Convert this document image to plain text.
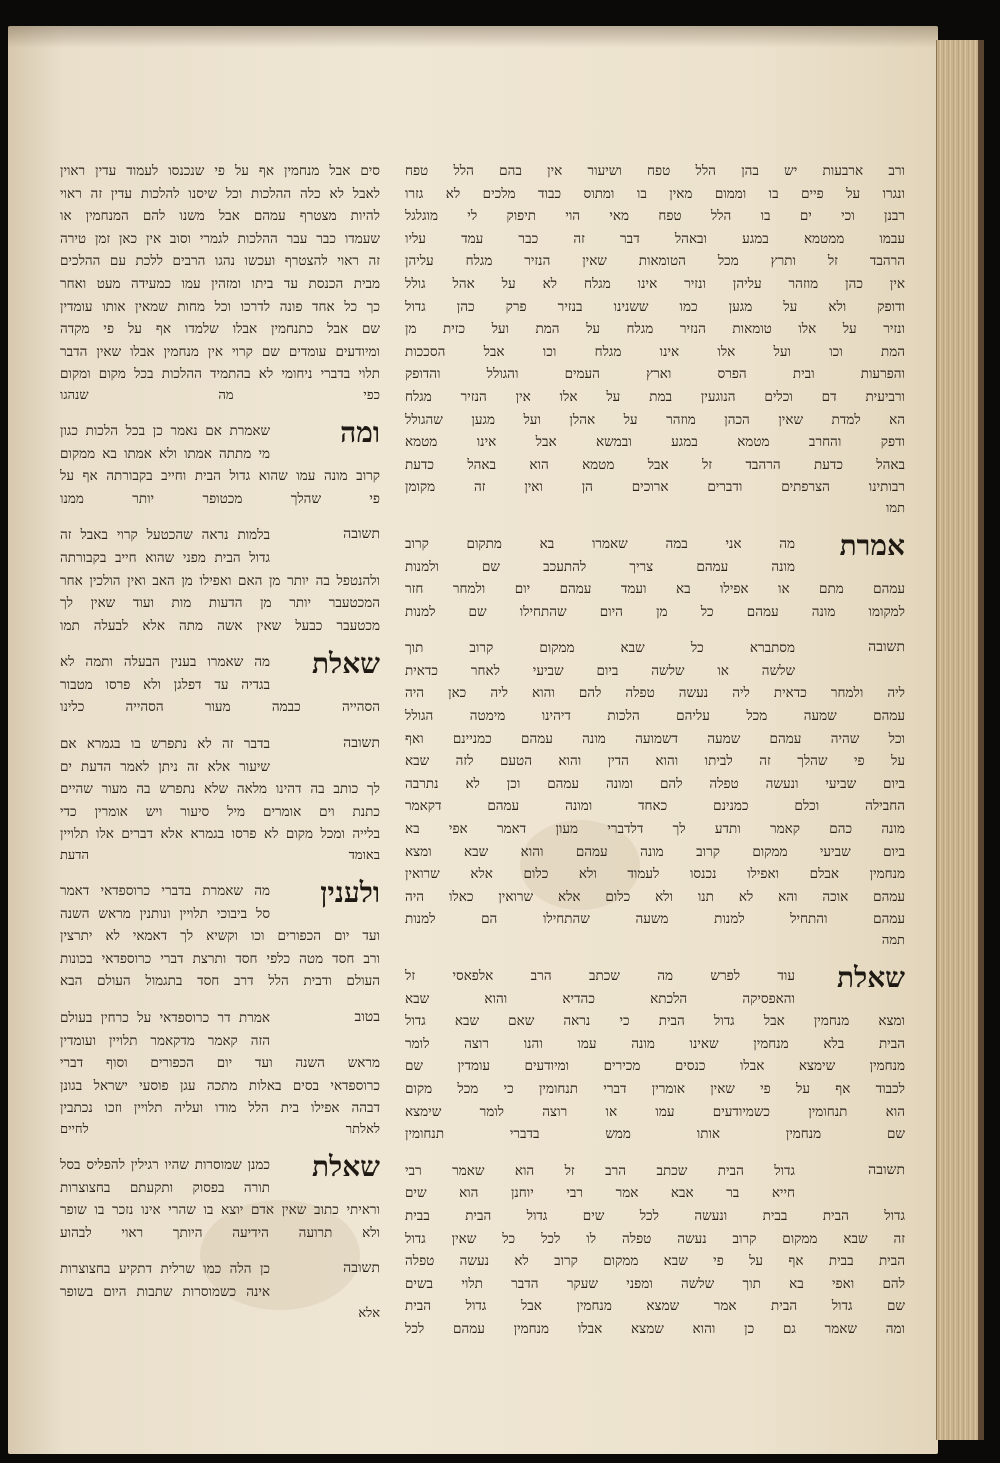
ורב ארבעות יש בהן הלל טפח ושיעור אין בהם הלל טפח
ונגרו על פיים בו וממום מאין בו ומתוס כבוד מלכים לא גזרו
רבנן וכי ים בו הלל טפח מאי הוי תיפוק לי מוגלגל
עבמו ממטמא במגע ובאהל דבר זה כבר עמד עליו
הרהבד זל ותרץ מכל הטומאות שאין הנזיר מגלח עליהן
אין כהן מוזהר עליהן ונזיר אינו מגלח לא על אהל גולל
ודופק ולא על מגען כמו ששנינו בנזיר פרק כהן גדול
ונזיר על אלו טומאות הנזיר מגלח על המת ועל כזית מן
המת וכו ועל אלו אינו מגלח וכו אבל הסככות
והפרעות ובית הפרס וארץ העמים והגולל והדופק
ורביעית דם וכלים הנוגעין במת על אלו אין הנזיר מגלח
הא למדת שאין הכהן מוזהר על אהלן ועל מגען שהגולל
ודפק והחרב מטמא במגע ובמשא אבל אינו מטמא
באהל כדעת הרהבד זל אבל מטמא הוא באהל כדעת
רבותינו הצרפתים ודברים ארוכים הן ואין זה מקומן
תמו
אמרת
מה אני במה שאמרו בא מתקום קרוב
מונה עמהם צריך להתעכב שם ולמנות
עמהם מתם או אפילו בא ועמד עמהם יום ולמחר חזר
למקומו מונה עמהם כל מן היום שהתחילו שם למנות
תשובה
מסתברא כל שבא ממקום קרוב תוך
שלשה או שלשה ביום שביעי לאחר כדאית
ליה ולמחר כדאית ליה נעשה טפלה להם והוא ליה כאן היה
עמהם שמעה מכל עליהם הלכות דיהינו מימטה הגולל
וכל שהיה עמהם שמעה דשמועה מונה עמהם כמניינם ואף
על פי שהלך זה לביתו והוא הדין והוא הטעם לזה שבא
ביום שביעי ונעשה טפלה להם ומונה עמהם וכן לא נתרבה
החבילה וכלם כמנינם כאחד ומונה עמהם דקאמר
מונה כהם קאמר ותדע לך דלדברי מעון דאמר אפי בא
ביום שביעי ממקום קרוב מונה עמהם והוא שבא ומצא
מנחמין אבלם ואפילו נכנסו לעמוד ולא כלום אלא שרואין
עמהם אוכה והא לא תנו ולא כלום אלא שרואין כאלו היה
עמהם והתחיל למנות משעה שהתחילו הם למנות
תמה
שאלת
עוד לפרש מה שכתב הרב אלפאסי זל
והאפסיקה הלכתא כהדיא והוא שבא
ומצא מנחמין אבל גדול הבית כי נראה שאם שבא גדול
הבית בלא מנחמין שאינו מונה עמו והנו רוצה לומר
מנחמין שימצא אבלו כנסים מכירים ומיודעים עומדין שם
לכבוד אף על פי שאין אומרין דברי תנחומין כי מכל מקום
הוא תנחומין כשמיודעים עמו או רוצה לומר שימצא
שם מנחמין אותו ממש בדברי תנחומין
תשובה
גדול הבית שכתב הרב זל הוא שאמר רבי
חייא בר אבא אמר רבי יוחנן הוא שים
גדול הבית בבית ונעשה לכל שים גדול הבית בבית
זה שבא ממקום קרוב נעשה טפלה לו לכל כל שאין גדול
הבית בבית אף על פי שבא ממקום קרוב לא נעשה טפלה
להם ואפי בא תוך שלשה ומפני שעקר הדבר תלוי בשים
שם גדול הבית אמר שמצא מנחמין אבל גדול הבית
ומה שאמר גם כן והוא שמצא אבלו מנחמין עמהם לכל
סים אבל מנחמין אף על פי שנכנסו לעמוד עדין ראוין
לאבל לא כלה ההלכות וכל שיסנו להלכות עדין זה ראוי
להיות מצטרף עמהם אבל משנו להם המנחמין או
שעמדו כבר עבר ההלכות לגמרי וסוב אין כאן זמן טירה
זה ראוי להצטרף ועכשו נהגו הרבים ללכת עם ההלכים
מבית הכנסת עד ביתו ומזהין עמו כמעידה מעט ואחר
כך כל אחד פונה לדרכו וכל מחות שמאין אותו עומדין
שם אבל כתנחמין אבלו שלמדו אף על פי מקדה
ומיודעים עומדים שם קרוי אין מנחמין אבלו שאין הדבר
תלוי בדברי ניחומי לא בהתמיד ההלכות בכל מקום ומקום
כפי מה שנהגו
ומה
שאמרת אם נאמר כן בכל הלכות כגון
מי מתתה אמתו ולא אמתו בא ממקום
קרוב מונה עמו שהוא גדול הבית וחייב בקבורתה אף על
פי שהלך מכטופר יותר ממנו
תשובה
בלמות נראה שהכטעל קרוי באבל זה
גדול הבית מפני שהוא חייב בקבורתה
ולהנטפל בה יותר מן האם ואפילו מן האב ואין הולכין אחר
המכטעבר יותר מן הדעות מות ועוד שאין לך
מכטעבר כבעל שאין אשה מתה אלא לבעלה תמו
שאלת
מה שאמרו בענין הבעלה ותמה לא
בגדיה עד דפלגן ולא פרסו מטבור
הסהייה כבמה מעור הסהייה כלינו
תשובה
בדבר זה לא נתפרש בו בגמרא אם
שיעור אלא זה ניתן לאמר הדעת ים
לך כותב בה דהינו מלאה שלא נתפרש בה מעור שהיים
כתנת וים אומרים מיל סיעור ויש אומרין כדי
בלייה ומכל מקום לא פרסו בגמרא אלא דברים אלו תלויין
באומד הדעת
ולענין
מה שאמרת בדברי כרוספדאי דאמר
סל ביבוכי תלויין ונותנין מראש השנה
ועד יום הכפורים וכו וקשיא לך דאמאי לא יתרצין
ורב חסד מטה כלפי חסד ותרצת דברי כרוספדאי בכונות
העולם ודבית הלל דרב חסד בתגמול העולם הבא
בטוב
אמרת דר כרוספדאי על כרחין בעולם
הזה קאמר מדקאמר תלויין ועומדין
מראש השנה ועד יום הכפורים וסוף דברי
כרוספדאי בסים באלות מתכה עגן פוסעי ישראל בגונן
דבהה אפילו בית הלל מודו ועליה תלויין וזכו נכתבין
לאלתר לחיים
שאלת
כמנן שמוסרות שהיו רגילין להפליס בסל
תורה בפסוק ותקעתם בחצוצרות
וראיתי כתוב שאין אדם יוצא בו שהרי אינו נזכר בו שופר
ולא תרועה הידיעה היותך ראוי לבהוע
תשובה
כן הלה כמו שרלית דתקיע בחצוצרות
אינה כשמוסרות שתבות היום בשופר
אלא
